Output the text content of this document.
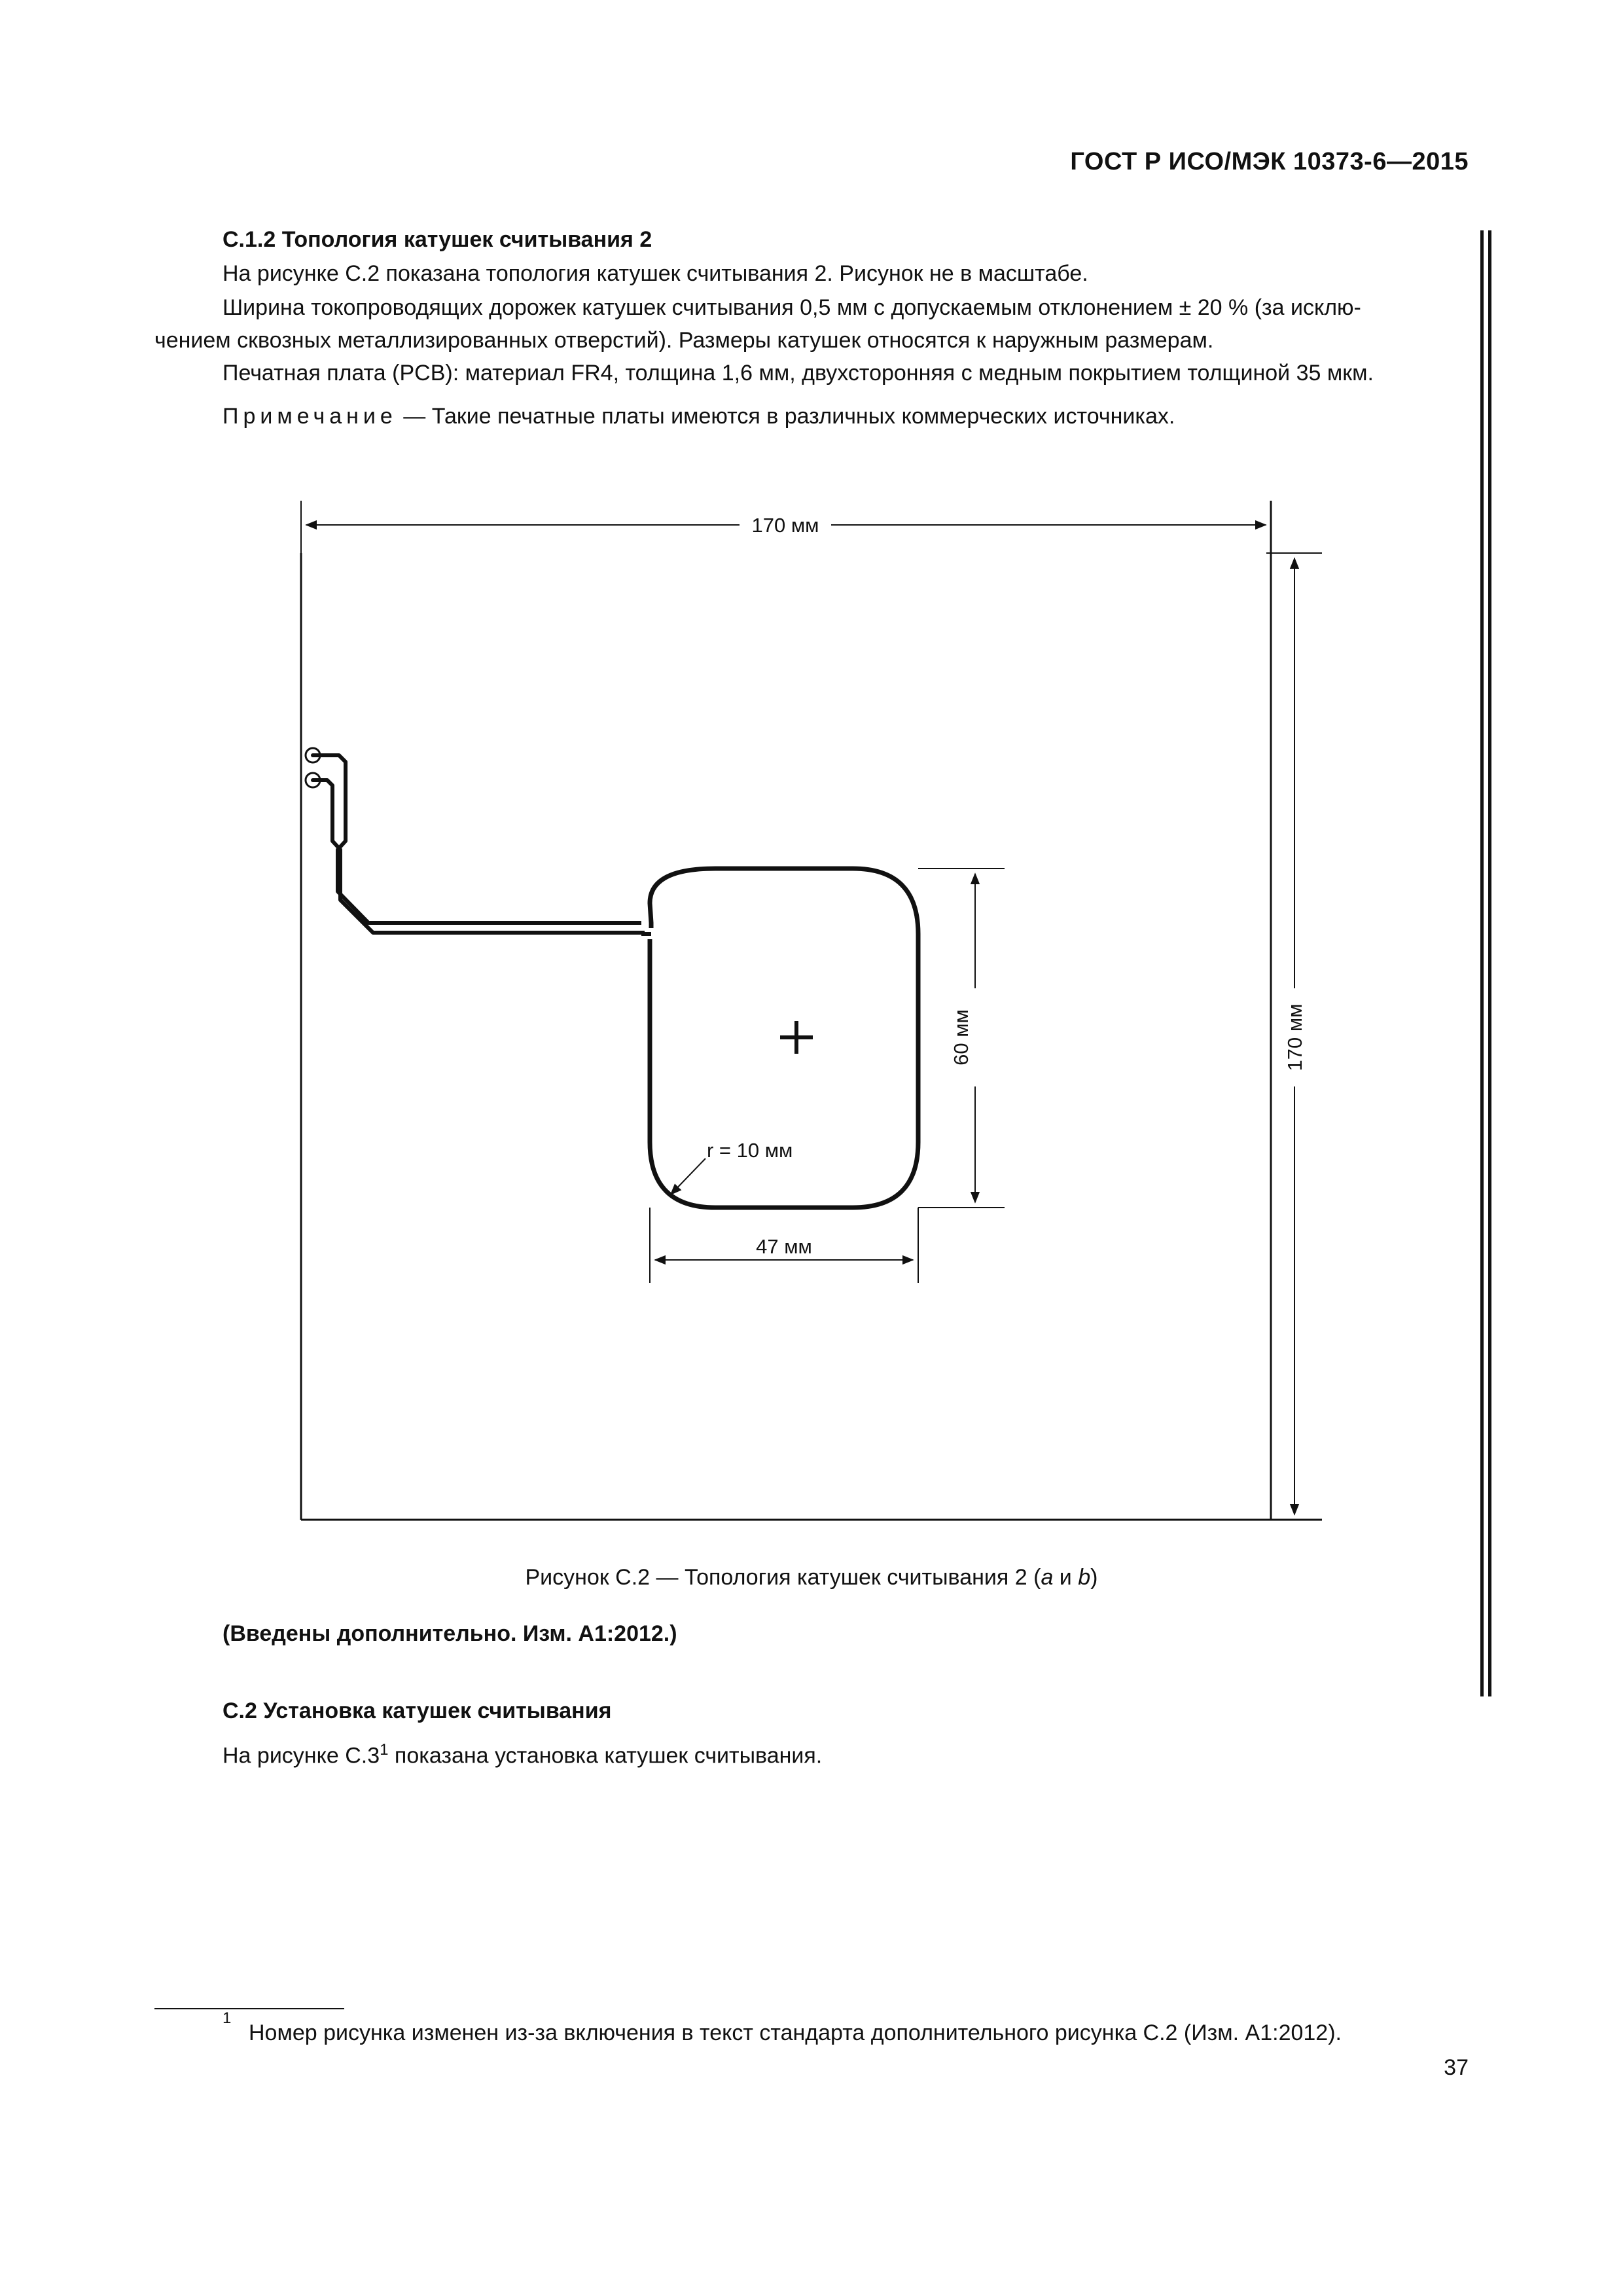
ГОСТ Р ИСО/МЭК 10373-6—2015
C.1.2 Топология катушек считывания 2
На рисунке C.2 показана топология катушек считывания 2. Рисунок не в масштабе.
Ширина токопроводящих дорожек катушек считывания 0,5 мм с допускаемым отклонением ± 20 % (за исклю-
чением сквозных металлизированных отверстий). Размеры катушек относятся к наружным размерам.
Печатная плата (PCB): материал FR4, толщина 1,6 мм, двухсторонняя с медным покрытием толщиной 35 мкм.
Примечание — Такие печатные платы имеются в различных коммерческих источниках.
170 мм
170 мм
r = 10 мм
60 мм
47 мм
Рисунок C.2 — Топология катушек считывания 2 (a и b)
(Введены дополнительно. Изм. А1:2012.)
C.2 Установка катушек считывания
На рисунке $C.3^1$ показана установка катушек считывания.
1
Номер рисунка изменен из-за включения в текст стандарта дополнительного рисунка С.2 (Изм. А1:2012).
37
